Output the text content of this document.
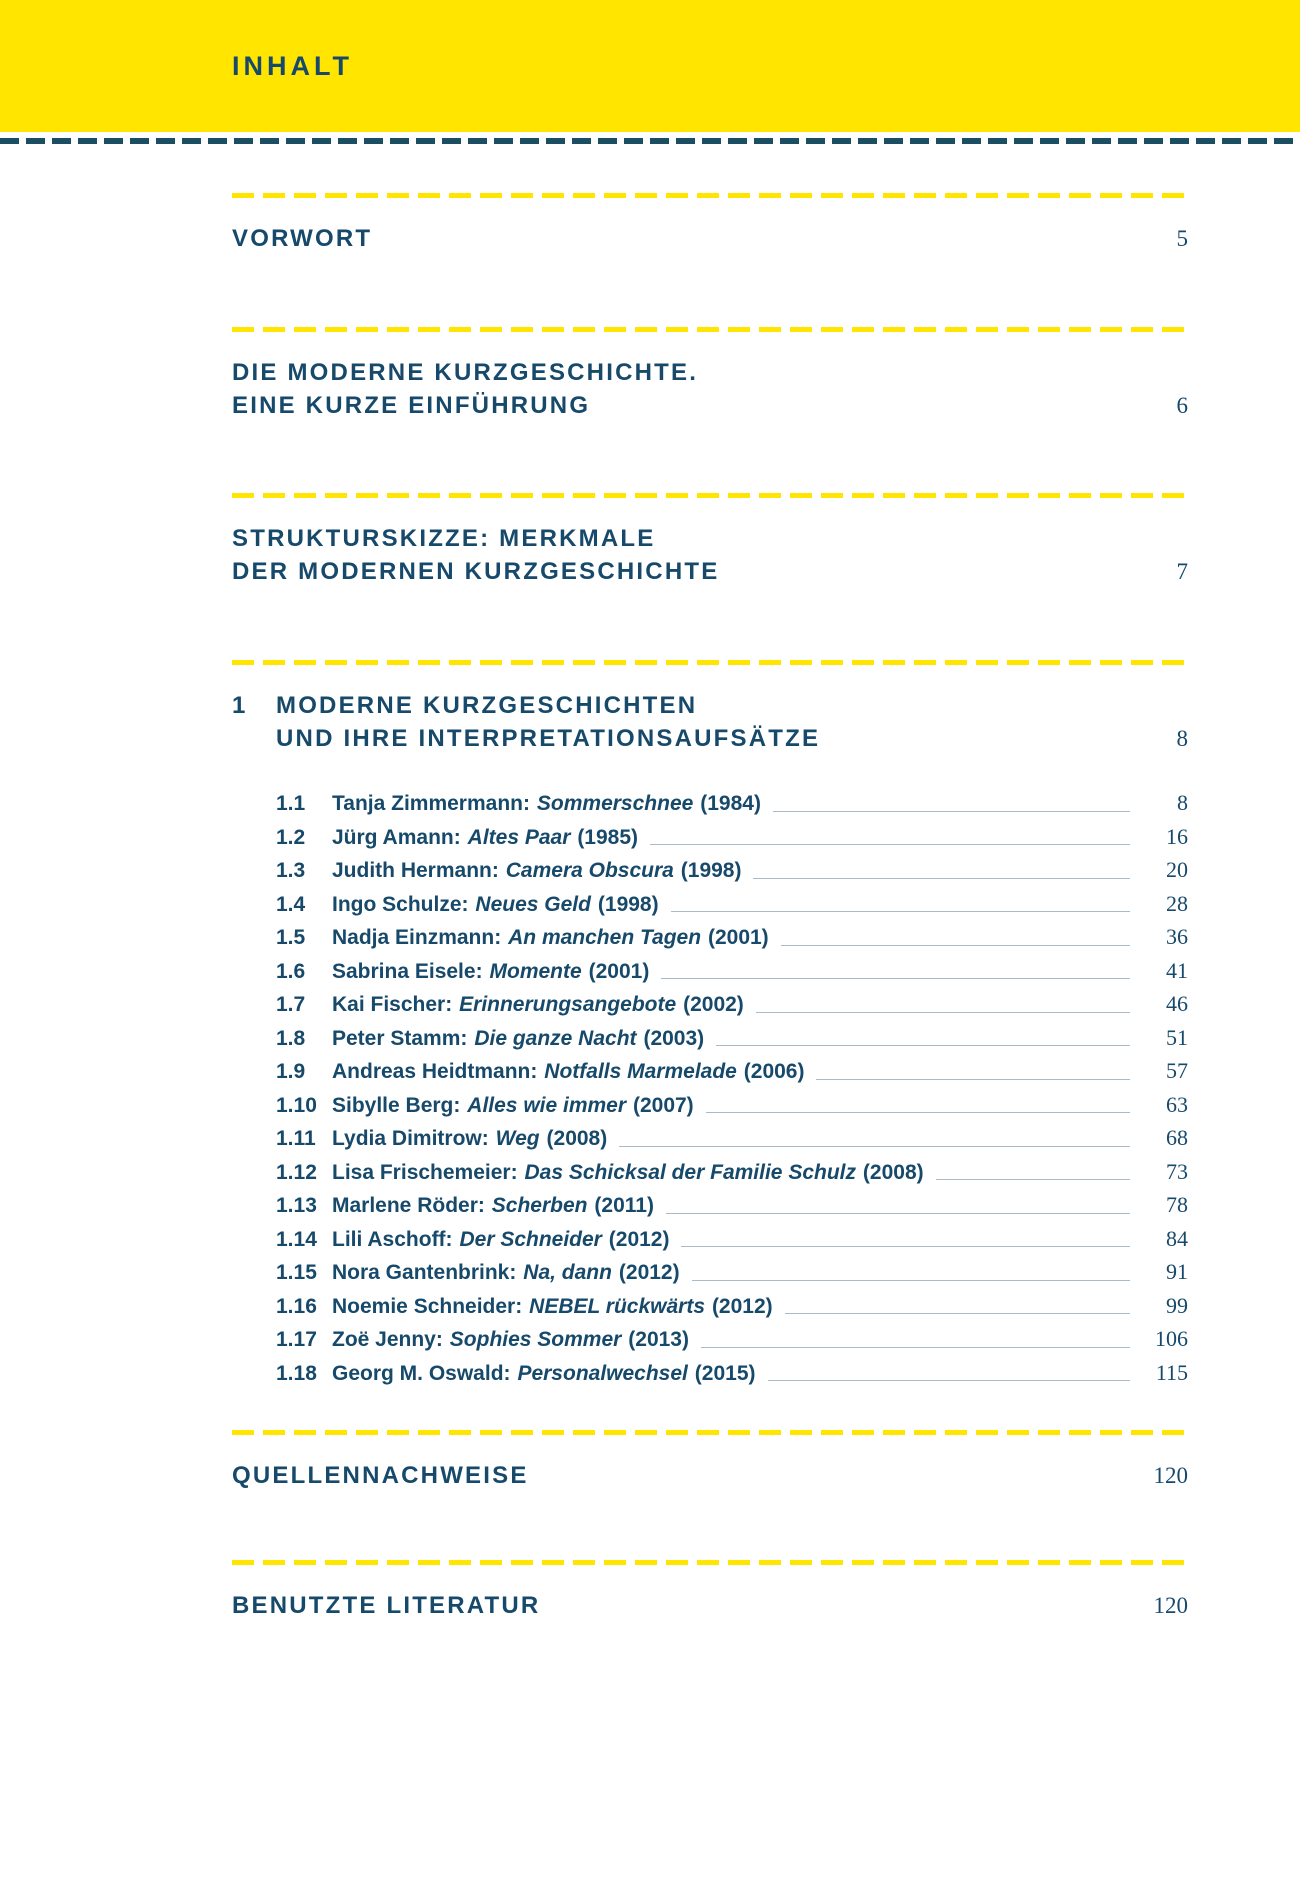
INHALT
VORWORT	5
DIE MODERNE KURZGESCHICHTE.
EINE KURZE EINFÜHRUNG	6
STRUKTURSKIZZE: MERKMALE
DER MODERNEN KURZGESCHICHTE	7
1 MODERNE KURZGESCHICHTEN
UND IHRE INTERPRETATIONSAUFSÄTZE	8
1.1	Tanja Zimmermann: Sommerschnee (1984)	8
1.2	Jürg Amann: Altes Paar (1985)	16
1.3	Judith Hermann: Camera Obscura (1998)	20
1.4	Ingo Schulze: Neues Geld (1998)	28
1.5	Nadja Einzmann: An manchen Tagen (2001)	36
1.6	Sabrina Eisele: Momente (2001)	41
1.7	Kai Fischer: Erinnerungsangebote (2002)	46
1.8	Peter Stamm: Die ganze Nacht (2003)	51
1.9	Andreas Heidtmann: Notfalls Marmelade (2006)	57
1.10 Sibylle Berg: Alles wie immer (2007)	63
1.11 Lydia Dimitrow: Weg (2008)	68
1.12 Lisa Frischemeier: Das Schicksal der Familie Schulz (2008)	73
1.13 Marlene Röder: Scherben (2011)	78
1.14 Lili Aschoff: Der Schneider (2012)	84
1.15 Nora Gantenbrink: Na, dann (2012)	91
1.16 Noemie Schneider: NEBEL rückwärts (2012)	99
1.17 Zoë Jenny: Sophies Sommer (2013)	106
1.18 Georg M. Oswald: Personalwechsel (2015)	115
QUELLENNACHWEISE	120
BENUTZTE LITERATUR	120
